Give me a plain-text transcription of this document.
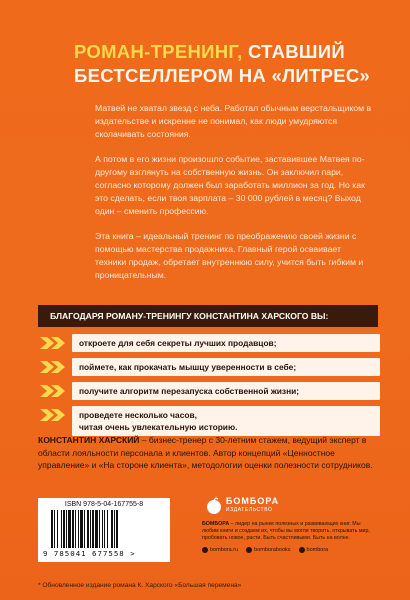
РОМАН-ТРЕНИНГ, СТАВШИЙ
БЕСТСЕЛЛЕРОМ НА «ЛИТРЕС»

Матвей не хватал звезд с неба. Работал обычным верстальщиком в издательстве и искренне не понимал, как люди умудряются сколачивать состояния.

А потом в его жизни произошло событие, заставившее Матвея по-другому взглянуть на собственную жизнь. Он заключил пари, согласно которому должен был заработать миллион за год. Но как это сделать, если твоя зарплата – 30 000 рублей в месяц? Выход один – сменить профессию.

Эта книга – идеальный тренинг по преображению своей жизни с помощью мастерства продажника. Главный герой осваивает техники продаж, обретает внутреннюю силу, учится быть гибким и проницательным.

БЛАГОДАРЯ РОМАНУ-ТРЕНИНГУ КОНСТАНТИНА ХАРСКОГО ВЫ:
откроете для себя секреты лучших продавцов;
поймете, как прокачать мышцу уверенности в себе;
получите алгоритм перезапуска собственной жизни;
проведете несколько часов,
читая очень увлекательную историю.
КОНСТАНТИН ХАРСКИЙ – бизнес-тренер с 30-летним стажем, ведущий эксперт в области лояльности персонала и клиентов. Автор концепций «Ценностное управление» и «На стороне клиента», методологии оценки полезности сотрудников.
ISBN 978-5-04-167755-8
9 785041 677558 >
БОМБОРА
ИЗДАТЕЛЬСТВО
БОМБОРА – лидер на рынке полезных и развивающих книг. Мы любим книги и создаем их, чтобы вы могли творить, открывать мир, пробовать новое, расти. Быть счастливыми. Быть на волне.
bombora.ru	bomborabooks	bombora
* Обновленное издание романа К. Харского «Большая перемена»
